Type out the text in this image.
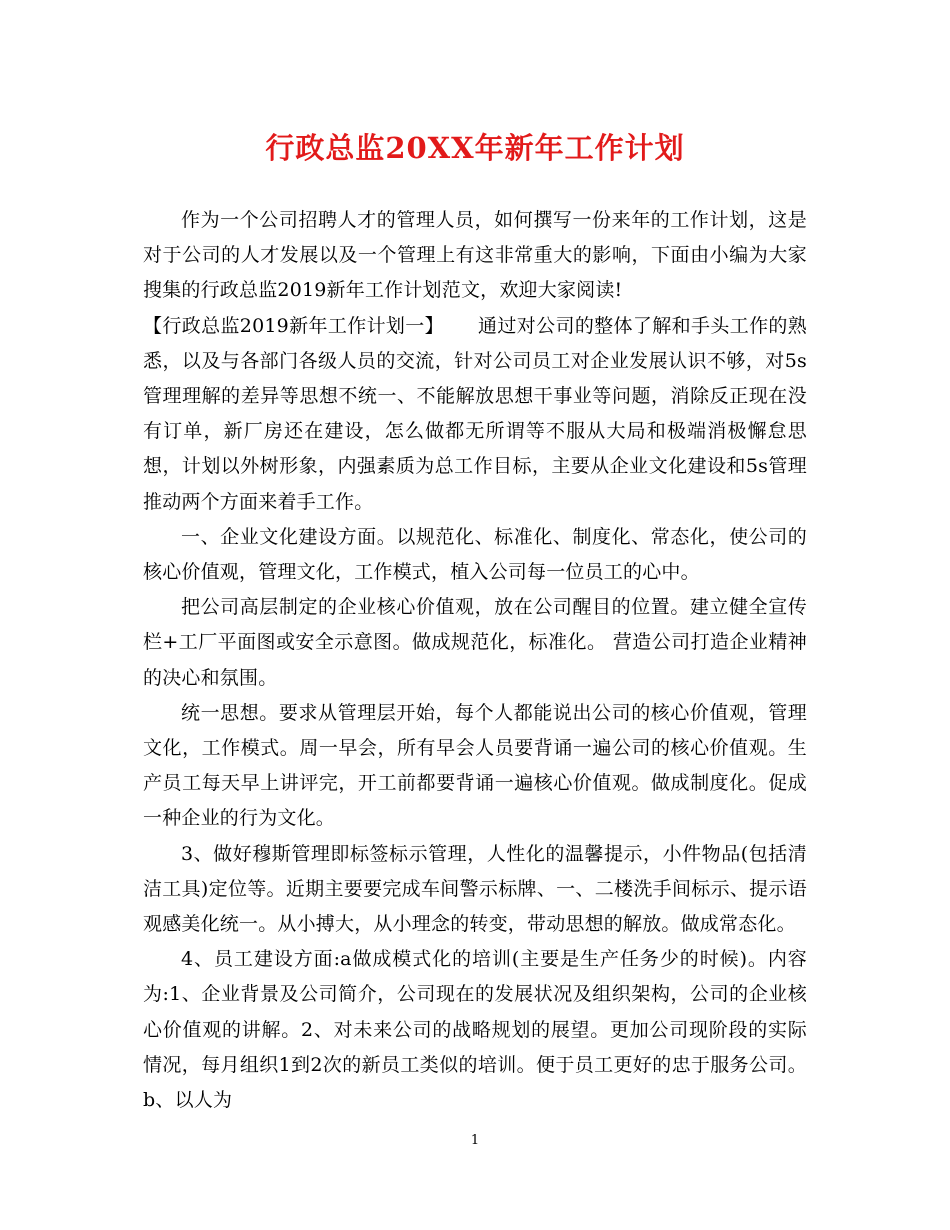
行政总监20XX年新年工作计划

作为一个公司招聘人才的管理人员，如何撰写一份来年的工作计划，这是对于公司的人才发展以及一个管理上有这非常重大的影响，下面由小编为大家搜集的行政总监2019新年工作计划范文，欢迎大家阅读!

【行政总监2019新年工作计划一】 通过对公司的整体了解和手头工作的熟悉，以及与各部门各级人员的交流，针对公司员工对企业发展认识不够，对5s管理理解的差异等思想不统一、不能解放思想干事业等问题，消除反正现在没有订单，新厂房还在建设，怎么做都无所谓等不服从大局和极端消极懈怠思想，计划以外树形象，内强素质为总工作目标，主要从企业文化建设和5s管理推动两个方面来着手工作。

一、企业文化建设方面。以规范化、标准化、制度化、常态化，使公司的核心价值观，管理文化，工作模式，植入公司每一位员工的心中。

把公司高层制定的企业核心价值观，放在公司醒目的位置。建立健全宣传栏+工厂平面图或安全示意图。做成规范化，标准化。 营造公司打造企业精神的决心和氛围。

统一思想。要求从管理层开始，每个人都能说出公司的核心价值观，管理文化，工作模式。周一早会，所有早会人员要背诵一遍公司的核心价值观。生产员工每天早上讲评完，开工前都要背诵一遍核心价值观。做成制度化。促成一种企业的行为文化。

3、做好穆斯管理即标签标示管理，人性化的温馨提示，小件物品(包括清洁工具)定位等。近期主要要完成车间警示标牌、一、二楼洗手间标示、提示语观感美化统一。从小搏大，从小理念的转变，带动思想的解放。做成常态化。

4、员工建设方面:a做成模式化的培训(主要是生产任务少的时候)。内容为:1、企业背景及公司简介，公司现在的发展状况及组织架构，公司的企业核心价值观的讲解。2、对未来公司的战略规划的展望。更加公司现阶段的实际情况，每月组织1到2次的新员工类似的培训。便于员工更好的忠于服务公司。b、以人为

1
